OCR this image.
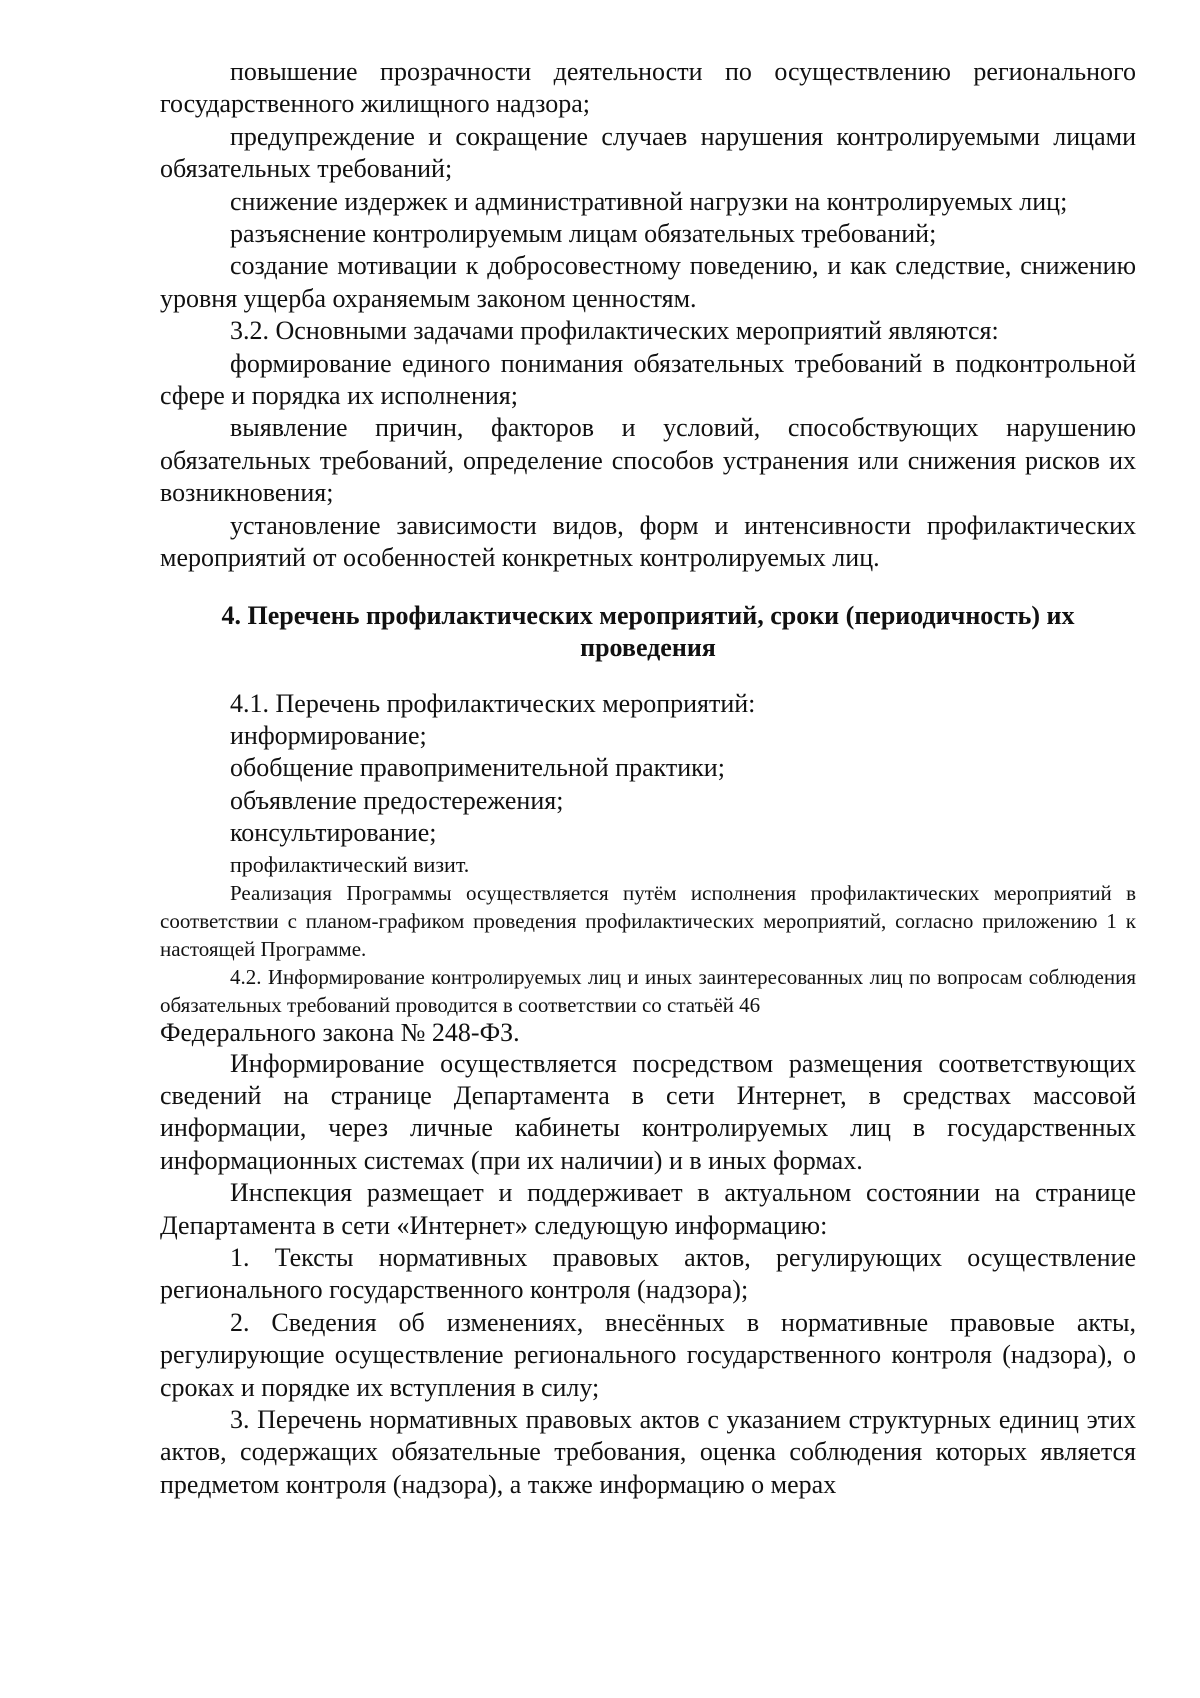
повышение прозрачности деятельности по осуществлению регионального государственного жилищного надзора;

предупреждение и сокращение случаев нарушения контролируемыми лицами обязательных требований;

снижение издержек и административной нагрузки на контролируемых лиц;

разъяснение контролируемым лицам обязательных требований;

создание мотивации к добросовестному поведению, и как следствие, снижению уровня ущерба охраняемым законом ценностям.

3.2. Основными задачами профилактических мероприятий являются:

формирование единого понимания обязательных требований в подконтрольной сфере и порядка их исполнения;

выявление причин, факторов и условий, способствующих нарушению обязательных требований, определение способов устранения или снижения рисков их возникновения;

установление зависимости видов, форм и интенсивности профилактических мероприятий от особенностей конкретных контролируемых лиц.

4. Перечень профилактических мероприятий, сроки (периодичность) их
проведения

4.1. Перечень профилактических мероприятий:

информирование;

обобщение правоприменительной практики;

объявление предостережения;

консультирование;

профилактический визит.

Реализация Программы осуществляется путём исполнения профилактических мероприятий в соответствии с планом-графиком проведения профилактических мероприятий, согласно приложению 1 к настоящей Программе.

4.2. Информирование контролируемых лиц и иных заинтересованных лиц по вопросам соблюдения обязательных требований проводится в соответствии со статьёй 46
Федерального закона № 248-ФЗ.

Информирование осуществляется посредством размещения соответствующих сведений на странице Департамента в сети Интернет, в средствах массовой информации, через личные кабинеты контролируемых лиц в государственных информационных системах (при их наличии) и в иных формах.

Инспекция размещает и поддерживает в актуальном состоянии на странице Департамента в сети «Интернет» следующую информацию:

1. Тексты нормативных правовых актов, регулирующих осуществление регионального государственного контроля (надзора);

2. Сведения об изменениях, внесённых в нормативные правовые акты, регулирующие осуществление регионального государственного контроля (надзора), о сроках и порядке их вступления в силу;

3. Перечень нормативных правовых актов с указанием структурных единиц этих актов, содержащих обязательные требования, оценка соблюдения которых является предметом контроля (надзора), а также информацию о мерах
